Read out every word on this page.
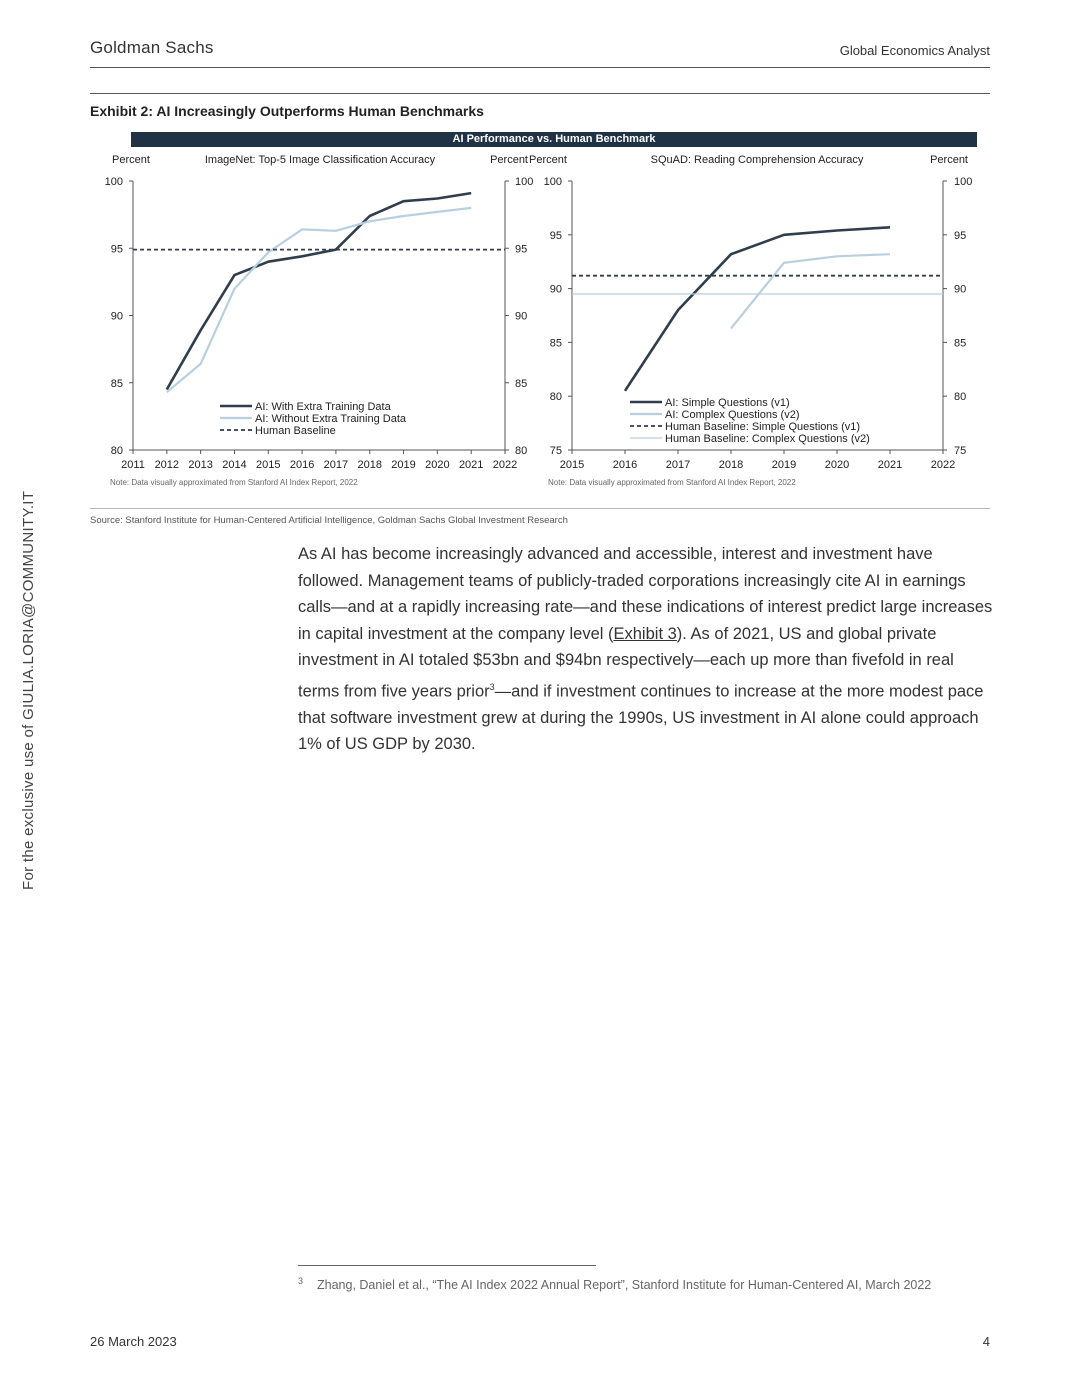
Goldman Sachs	Global Economics Analyst
Exhibit 2: AI Increasingly Outperforms Human Benchmarks
AI Performance vs. Human Benchmark
ImageNet: Top-5 Image Classification Accuracy
Percent	Percent
80	80
85	85
90	90
95	95
100	100
2011 2012 2013 2014 2015 2016 2017 2018 2019 2020 2021 2022
AI: With Extra Training Data
AI: Without Extra Training Data
Human Baseline
Note: Data visually approximated from Stanford AI Index Report, 2022
SQuAD: Reading Comprehension Accuracy
Percent	Percent
75	75
80	80
85	85
90	90
95	95
100	100
2015	2016	2017	2018	2019	2020	2021	2022
AI: Simple Questions (v1)
AI: Complex Questions (v2)
Human Baseline: Simple Questions (v1)
Human Baseline: Complex Questions (v2)
Note: Data visually approximated from Stanford AI Index Report, 2022
Source: Stanford Institute for Human-Centered Artificial Intelligence, Goldman Sachs Global Investment Research
As AI has become increasingly advanced and accessible, interest and investment have followed. Management teams of publicly-traded corporations increasingly cite AI in earnings calls—and at a rapidly increasing rate—and these indications of interest predict large increases in capital investment at the company level (Exhibit 3). As of 2021, US and global private investment in AI totaled $53bn and $94bn respectively—each up more than fivefold in real terms from five years prior$^3$—and if investment continues to increase at the more modest pace that software investment grew at during the 1990s, US investment in AI alone could approach 1% of US GDP by 2030.
For the exclusive use of GIULIA.LORIA@COMMUNITY.IT
$^3$ Zhang, Daniel et al., “The AI Index 2022 Annual Report”, Stanford Institute for Human-Centered AI, March 2022
26 March 2023	4
